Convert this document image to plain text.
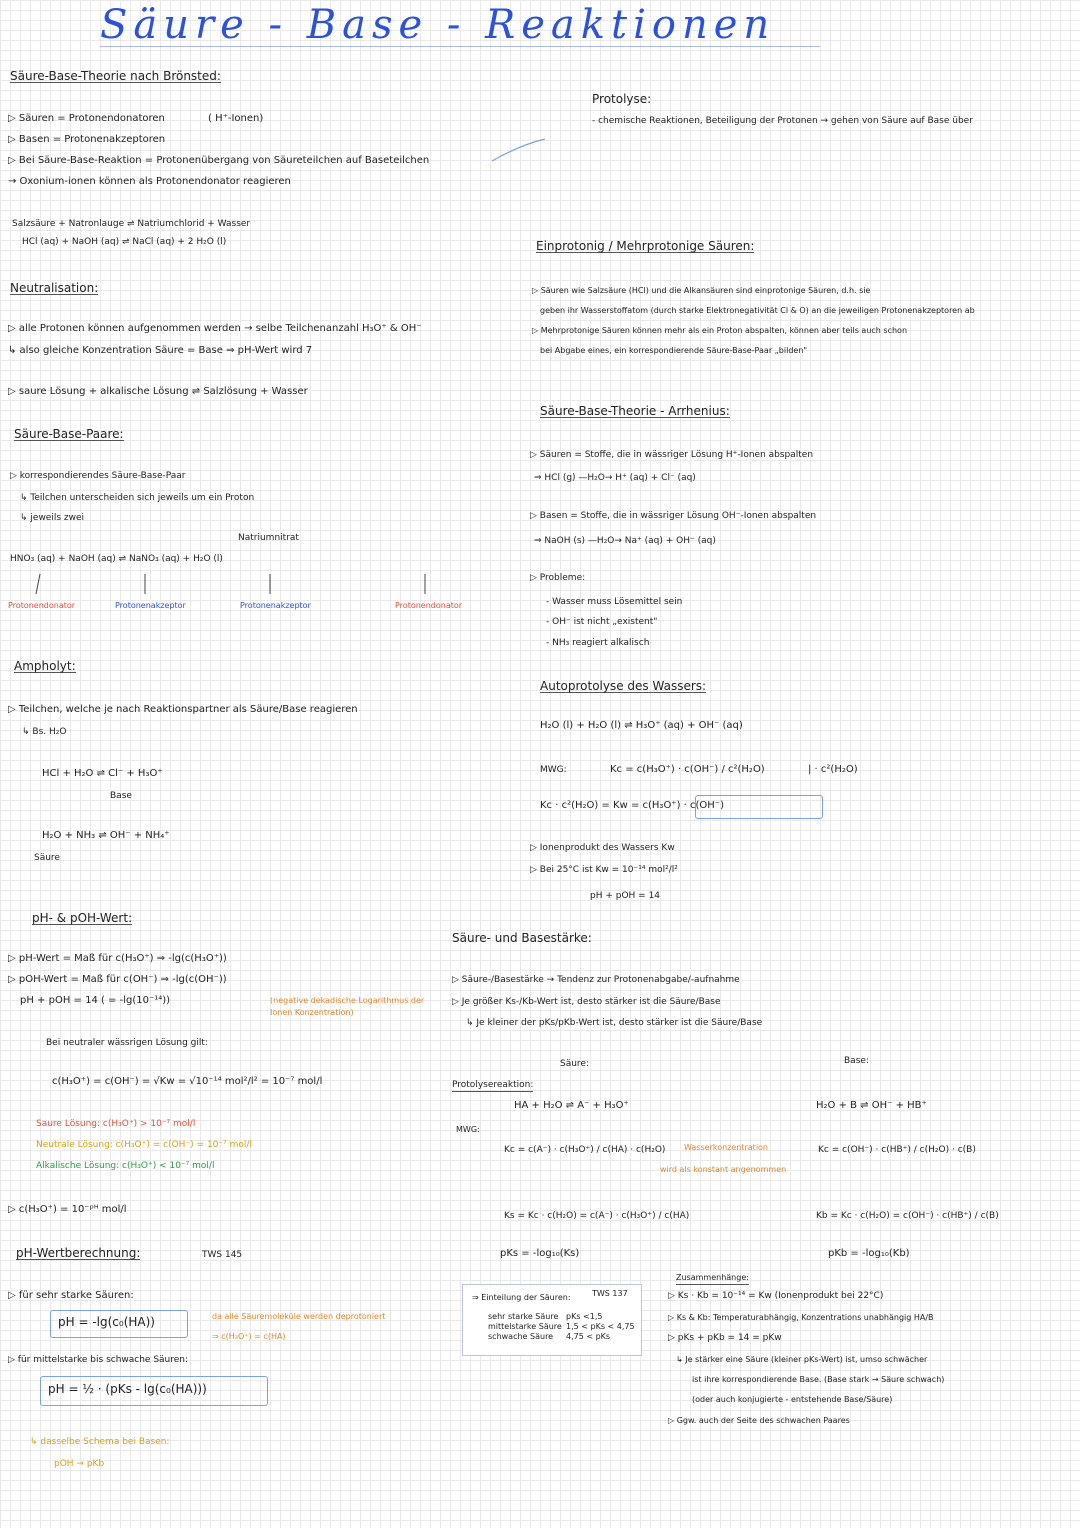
Säure - Base - Reaktionen
Säure-Base-Theorie nach Brönsted:
▷ Säuren = Protonendonatoren	( H⁺-Ionen)
▷ Basen = Protonenakzeptoren
▷ Bei Säure-Base-Reaktion = Protonenübergang von Säureteilchen auf Baseteilchen
→ Oxonium-ionen können als Protonendonator reagieren
Salzsäure + Natronlauge ⇌ Natriumchlorid + Wasser
HCl (aq) + NaOH (aq) ⇌ NaCl (aq) + 2 H₂O (l)
Protolyse:
- chemische Reaktionen, Beteiligung der Protonen → gehen von Säure auf Base über
Neutralisation:
▷ alle Protonen können aufgenommen werden → selbe Teilchenanzahl H₃O⁺ & OH⁻
↳ also gleiche Konzentration Säure = Base ⇒ pH-Wert wird 7
▷ saure Lösung + alkalische Lösung ⇌ Salzlösung + Wasser
Säure-Base-Paare:
▷ korrespondierendes Säure-Base-Paar
↳ Teilchen unterscheiden sich jeweils um ein Proton
↳ jeweils zwei
Natriumnitrat
HNO₃ (aq) + NaOH (aq) ⇌ NaNO₃ (aq) + H₂O (l)
Protonendonator	Protonenakzeptor	Protonenakzeptor	Protonendonator
Ampholyt:
▷ Teilchen, welche je nach Reaktionspartner als Säure/Base reagieren
↳ Bs. H₂O
HCl + H₂O ⇌ Cl⁻ + H₃O⁺
Base
H₂O + NH₃ ⇌ OH⁻ + NH₄⁺
Säure
pH- & pOH-Wert:
▷ pH-Wert = Maß für c(H₃O⁺) ⇒ -lg(c(H₃O⁺))
▷ pOH-Wert = Maß für c(OH⁻) ⇒ -lg(c(OH⁻))
pH + pOH = 14 ( = -lg(10⁻¹⁴))	(negative dekadische Logarithmus der Ionen Konzentration)
Bei neutraler wässrigen Lösung gilt:
c(H₃O⁺) = c(OH⁻) = √Kw = √10⁻¹⁴ mol²/l² = 10⁻⁷ mol/l
Saure Lösung: c(H₃O⁺) > 10⁻⁷ mol/l
Neutrale Lösung: c(H₃O⁺) = c(OH⁻) = 10⁻⁷ mol/l
Alkalische Lösung: c(H₃O⁺) < 10⁻⁷ mol/l
▷ c(H₃O⁺) = 10⁻ᵖᴴ mol/l
pH-Wertberechnung:	TWS 145
▷ für sehr starke Säuren:
pH = -lg(c₀(HA))	da alle Säuremoleküle werden deprotoniert
⇒ c(H₃O⁺) = c(HA)
▷ für mittelstarke bis schwache Säuren:
pH = ½ · (pKs - lg(c₀(HA)))
↳ dasselbe Schema bei Basen:
pOH → pKb
Einprotonig / Mehrprotonige Säuren:
▷ Säuren wie Salzsäure (HCl) und die Alkansäuren sind einprotonige Säuren, d.h. sie
geben ihr Wasserstoffatom (durch starke Elektronegativität Cl & O) an die jeweiligen Protonenakzeptoren ab
▷ Mehrprotonige Säuren können mehr als ein Proton abspalten, können aber teils auch schon
bei Abgabe eines, ein korrespondierende Säure-Base-Paar „bilden"
Säure-Base-Theorie - Arrhenius:
▷ Säuren = Stoffe, die in wässriger Lösung H⁺-Ionen abspalten
⇒ HCl (g) —H₂O→ H⁺ (aq) + Cl⁻ (aq)
▷ Basen = Stoffe, die in wässriger Lösung OH⁻-Ionen abspalten
⇒ NaOH (s) —H₂O→ Na⁺ (aq) + OH⁻ (aq)
▷ Probleme:
- Wasser muss Lösemittel sein
- OH⁻ ist nicht „existent"
- NH₃ reagiert alkalisch
Autoprotolyse des Wassers:
H₂O (l) + H₂O (l) ⇌ H₃O⁺ (aq) + OH⁻ (aq)
MWG:	Kc = c(H₃O⁺) · c(OH⁻) / c²(H₂O)	| · c²(H₂O)
Kc · c²(H₂O) = Kw = c(H₃O⁺) · c(OH⁻)
▷ Ionenprodukt des Wassers Kw
▷ Bei 25°C ist Kw = 10⁻¹⁴ mol²/l²
pH + pOH = 14
Säure- und Basestärke:
▷ Säure-/Basestärke → Tendenz zur Protonenabgabe/-aufnahme
▷ Je größer Ks-/Kb-Wert ist, desto stärker ist die Säure/Base
↳ Je kleiner der pKs/pKb-Wert ist, desto stärker ist die Säure/Base
Säure:	Base:
Protolysereaktion:
HA + H₂O ⇌ A⁻ + H₃O⁺	H₂O + B ⇌ OH⁻ + HB⁺
MWG:
Kc = c(A⁻) · c(H₃O⁺) / c(HA) · c(H₂O) Wasserkonzentration
wird als konstant angenommen
Kc = c(OH⁻) · c(HB⁺) / c(H₂O) · c(B)
Ks = Kc · c(H₂O) = c(A⁻) · c(H₃O⁺) / c(HA)	Kb = Kc · c(H₂O) = c(OH⁻) · c(HB⁺) / c(B)
pKs = -log₁₀(Ks)	pKb = -log₁₀(Kb)
⇒ Einteilung der Säuren:	TWS 137
sehr starke Säure pKs <1,5
mittelstarke Säure 1,5 < pKs < 4,75
schwache Säure 4,75 < pKs
Zusammenhänge:
▷ Ks · Kb = 10⁻¹⁴ = Kw (Ionenprodukt bei 22°C)
▷ Ks & Kb: Temperaturabhängig, Konzentrations unabhängig HA/B
▷ pKs + pKb = 14 = pKw
↳ Je stärker eine Säure (kleiner pKs-Wert) ist, umso schwächer
ist ihre korrespondierende Base. (Base stark → Säure schwach)
(oder auch konjugierte - entstehende Base/Säure)
▷ Ggw. auch der Seite des schwachen Paares
